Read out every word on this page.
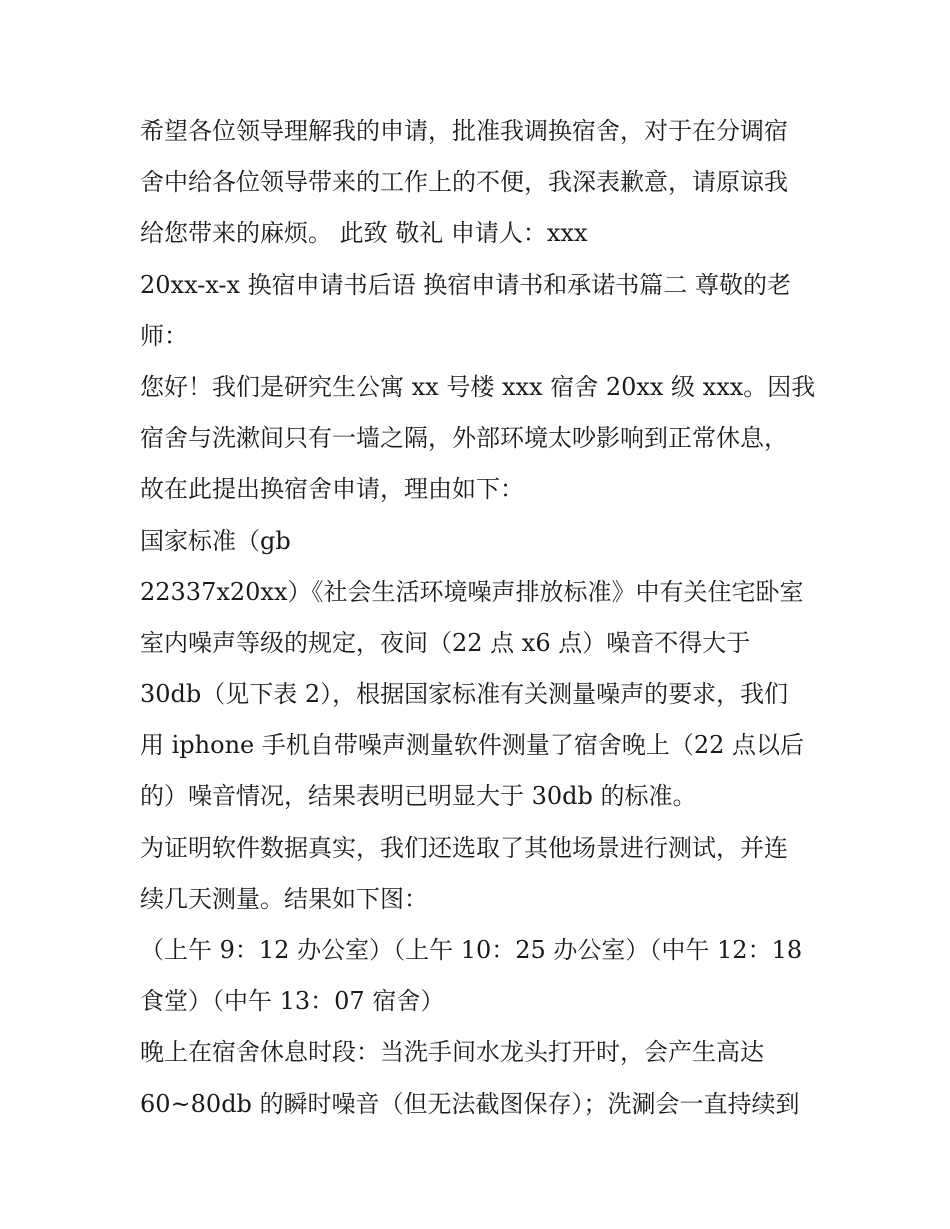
希望各位领导理解我的申请，批准我调换宿舍，对于在分调宿
舍中给各位领导带来的工作上的不便，我深表歉意，请原谅我
给您带来的麻烦。 此致 敬礼 申请人：xxx
20xx-x-x 换宿申请书后语 换宿申请书和承诺书篇二 尊敬的老
师：
您好！我们是研究生公寓 xx 号楼 xxx 宿舍 20xx 级 xxx。因我
宿舍与洗漱间只有一墙之隔，外部环境太吵影响到正常休息，
故在此提出换宿舍申请，理由如下：
国家标准（gb
22337x20xx）《社会生活环境噪声排放标准》中有关住宅卧室
室内噪声等级的规定，夜间（22 点 x6 点）噪音不得大于
30db（见下表 2），根据国家标准有关测量噪声的要求，我们
用 iphone 手机自带噪声测量软件测量了宿舍晚上（22 点以后
的）噪音情况，结果表明已明显大于 30db 的标准。
为证明软件数据真实，我们还选取了其他场景进行测试，并连
续几天测量。结果如下图：
（上午 9：12 办公室）（上午 10：25 办公室）（中午 12：18
食堂）（中午 13：07 宿舍）
晚上在宿舍休息时段：当洗手间水龙头打开时，会产生高达
60~80db 的瞬时噪音（但无法截图保存）；洗涮会一直持续到
